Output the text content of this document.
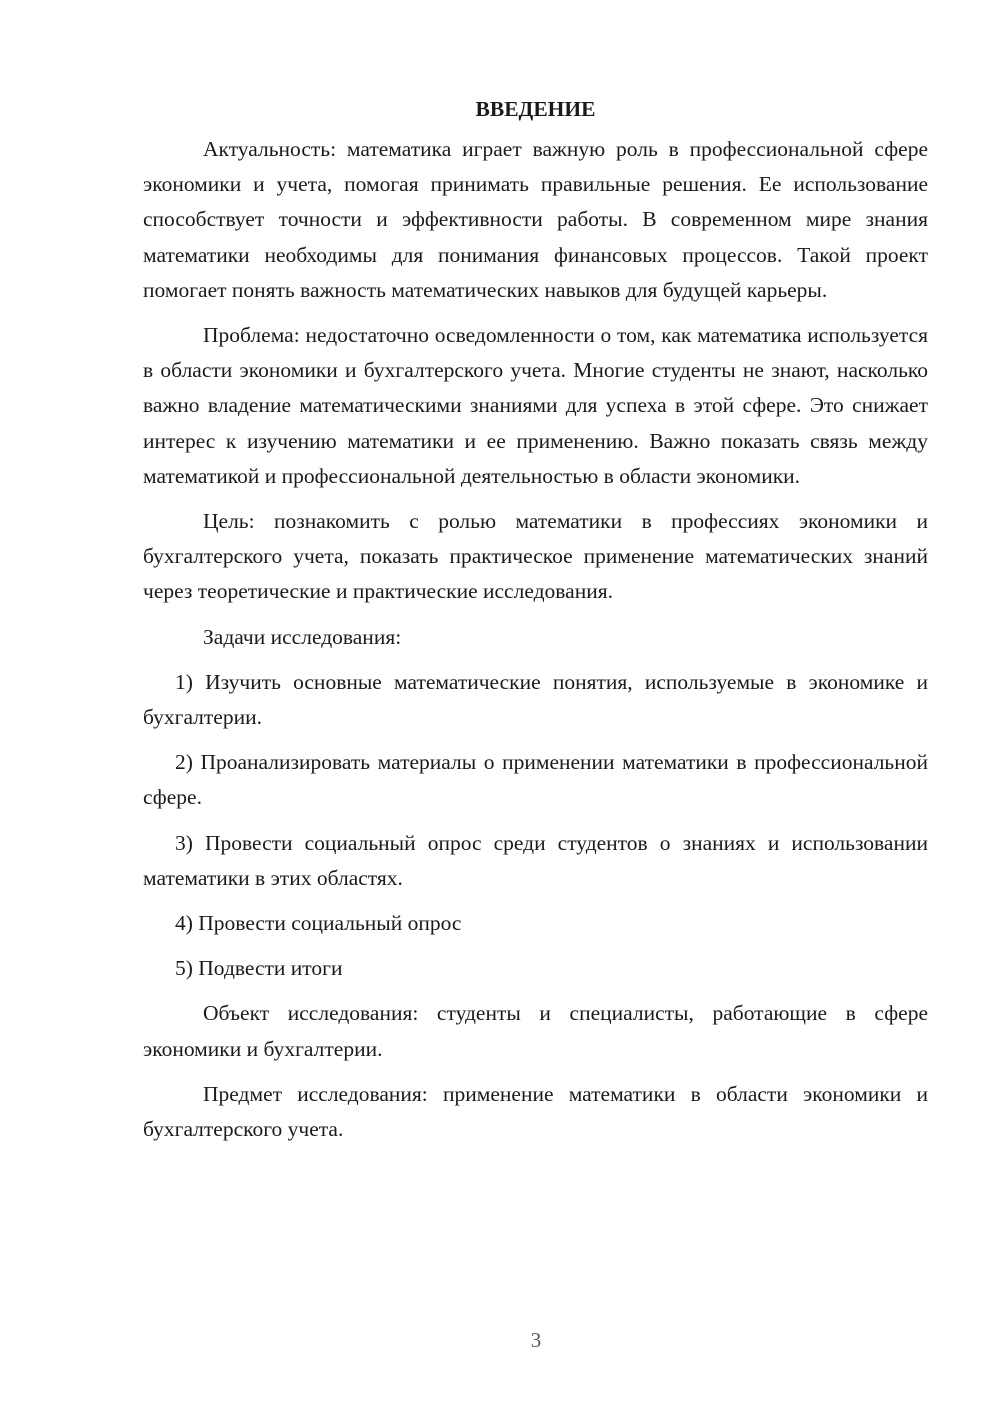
ВВЕДЕНИЕ

Актуальность: математика играет важную роль в профессиональной сфере экономики и учета, помогая принимать правильные решения. Ее использование способствует точности и эффективности работы. В современном мире знания математики необходимы для понимания финансовых процессов. Такой проект помогает понять важность математических навыков для будущей карьеры.

Проблема: недостаточно осведомленности о том, как математика используется в области экономики и бухгалтерского учета. Многие студенты не знают, насколько важно владение математическими знаниями для успеха в этой сфере. Это снижает интерес к изучению математики и ее применению. Важно показать связь между математикой и профессиональной деятельностью в области экономики.

Цель: познакомить с ролью математики в профессиях экономики и бухгалтерского учета, показать практическое применение математических знаний через теоретические и практические исследования.

Задачи исследования:

1) Изучить основные математические понятия, используемые в экономике и бухгалтерии.

2) Проанализировать материалы о применении математики в профессиональной сфере.

3) Провести социальный опрос среди студентов о знаниях и использовании математики в этих областях.

4) Провести социальный опрос

5) Подвести итоги

Объект исследования: студенты и специалисты, работающие в сфере экономики и бухгалтерии.

Предмет исследования: применение математики в области экономики и бухгалтерского учета.

3
